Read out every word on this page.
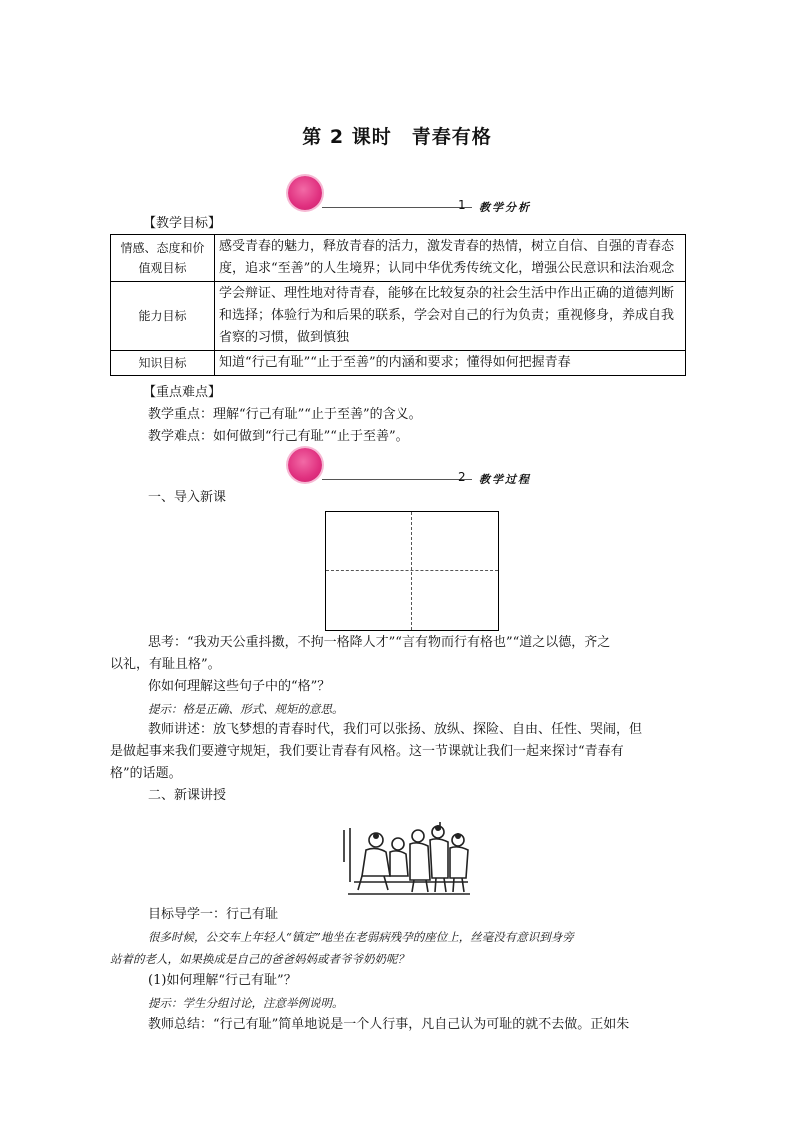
第 2 课时　青春有格
1 教学分析
【教学目标】
情感、态度和价值观目标	感受青春的魅力，释放青春的活力，激发青春的热情，树立自信、自强的青春态度，追求“至善”的人生境界；认同中华优秀传统文化，增强公民意识和法治观念
能力目标	学会辩证、理性地对待青春，能够在比较复杂的社会生活中作出正确的道德判断和选择；体验行为和后果的联系，学会对自己的行为负责；重视修身，养成自我省察的习惯，做到慎独
知识目标	知道“行己有耻”“止于至善”的内涵和要求；懂得如何把握青春
【重点难点】
教学重点：理解“行己有耻”“止于至善”的含义。
教学难点：如何做到“行己有耻”“止于至善”。
2 教学过程
一、导入新课
思考：“我劝天公重抖擞，不拘一格降人才”“言有物而行有格也”“道之以德，齐之
以礼，有耻且格”。
你如何理解这些句子中的“格”？
提示：格是正确、形式、规矩的意思。
教师讲述：放飞梦想的青春时代，我们可以张扬、放纵、探险、自由、任性、哭闹，但
是做起事来我们要遵守规矩，我们要让青春有风格。这一节课就让我们一起来探讨“青春有
格”的话题。
二、新课讲授
目标导学一：行己有耻
很多时候，公交车上年轻人“镇定”地坐在老弱病残孕的座位上，丝毫没有意识到身旁
站着的老人，如果换成是自己的爸爸妈妈或者爷爷奶奶呢？
(1)如何理解“行己有耻”？
提示：学生分组讨论，注意举例说明。
教师总结：“行己有耻”简单地说是一个人行事，凡自己认为可耻的就不去做。正如朱
